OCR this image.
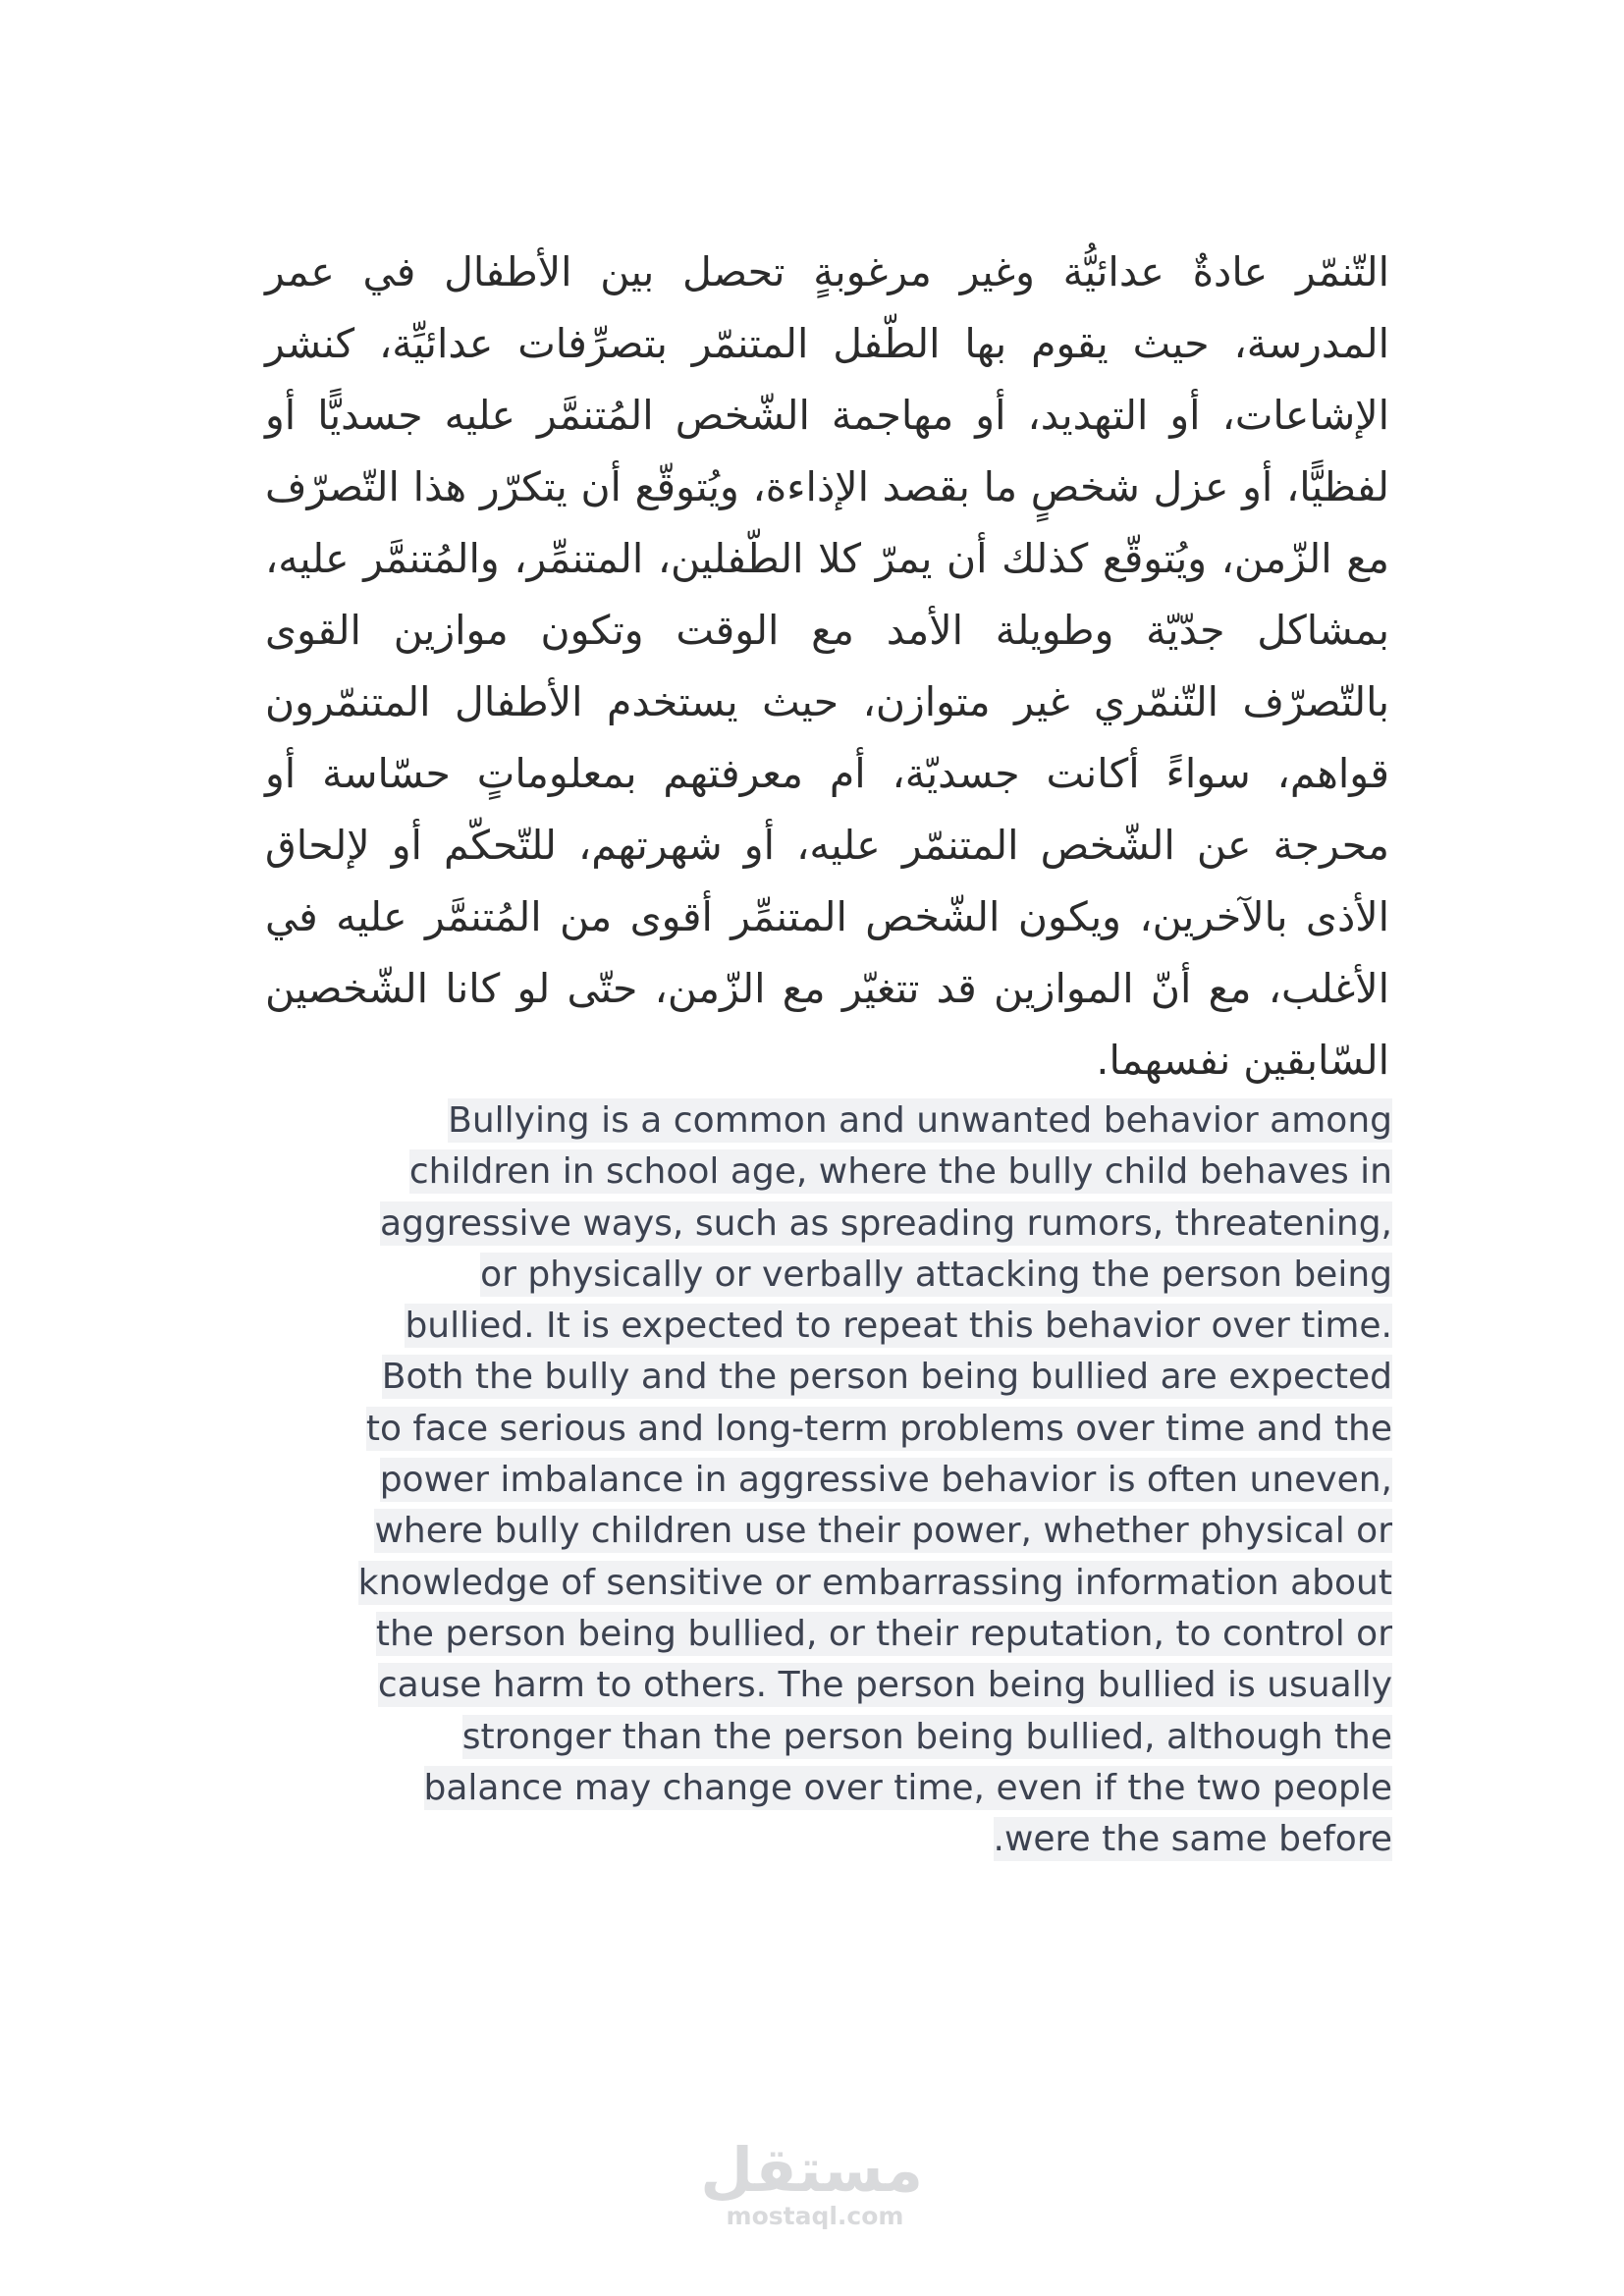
التّنمّر عادةٌ عدائيُّة وغير مرغوبةٍ تحصل بين الأطفال في عمر المدرسة، حيث يقوم بها الطّفل المتنمّر بتصرِّفات عدائيِّة، كنشر الإشاعات، أو التهديد، أو مهاجمة الشّخص المُتنمَّر عليه جسديًّا أو لفظيًّا، أو عزل شخصٍ ما بقصد الإذاءة، ويُتوقّع أن يتكرّر هذا التّصرّف مع الزّمن، ويُتوقّع كذلك أن يمرّ كلا الطّفلين، المتنمِّر، والمُتنمَّر عليه، بمشاكل جدّيّة وطويلة الأمد مع الوقت وتكون موازين القوى بالتّصرّف التّنمّري غير متوازن، حيث يستخدم الأطفال المتنمّرون قواهم، سواءً أكانت جسديّة، أم معرفتهم بمعلوماتٍ حسّاسة أو محرجة عن الشّخص المتنمّر عليه، أو شهرتهم، للتّحكّم أو لإلحاق الأذى بالآخرين، ويكون الشّخص المتنمِّر أقوى من المُتنمَّر عليه في الأغلب، مع أنّ الموازين قد تتغيّر مع الزّمن، حتّى لو كانا الشّخصين السّابقين نفسهما.

Bullying is a common and unwanted behavior among
children in school age, where the bully child behaves in
aggressive ways, such as spreading rumors, threatening,
or physically or verbally attacking the person being
bullied. It is expected to repeat this behavior over time.
Both the bully and the person being bullied are expected
to face serious and long-term problems over time and the
power imbalance in aggressive behavior is often uneven,
where bully children use their power, whether physical or
knowledge of sensitive or embarrassing information about
the person being bullied, or their reputation, to control or
cause harm to others. The person being bullied is usually
stronger than the person being bullied, although the
balance may change over time, even if the two people
.were the same before
مستقل
mostaql.com
